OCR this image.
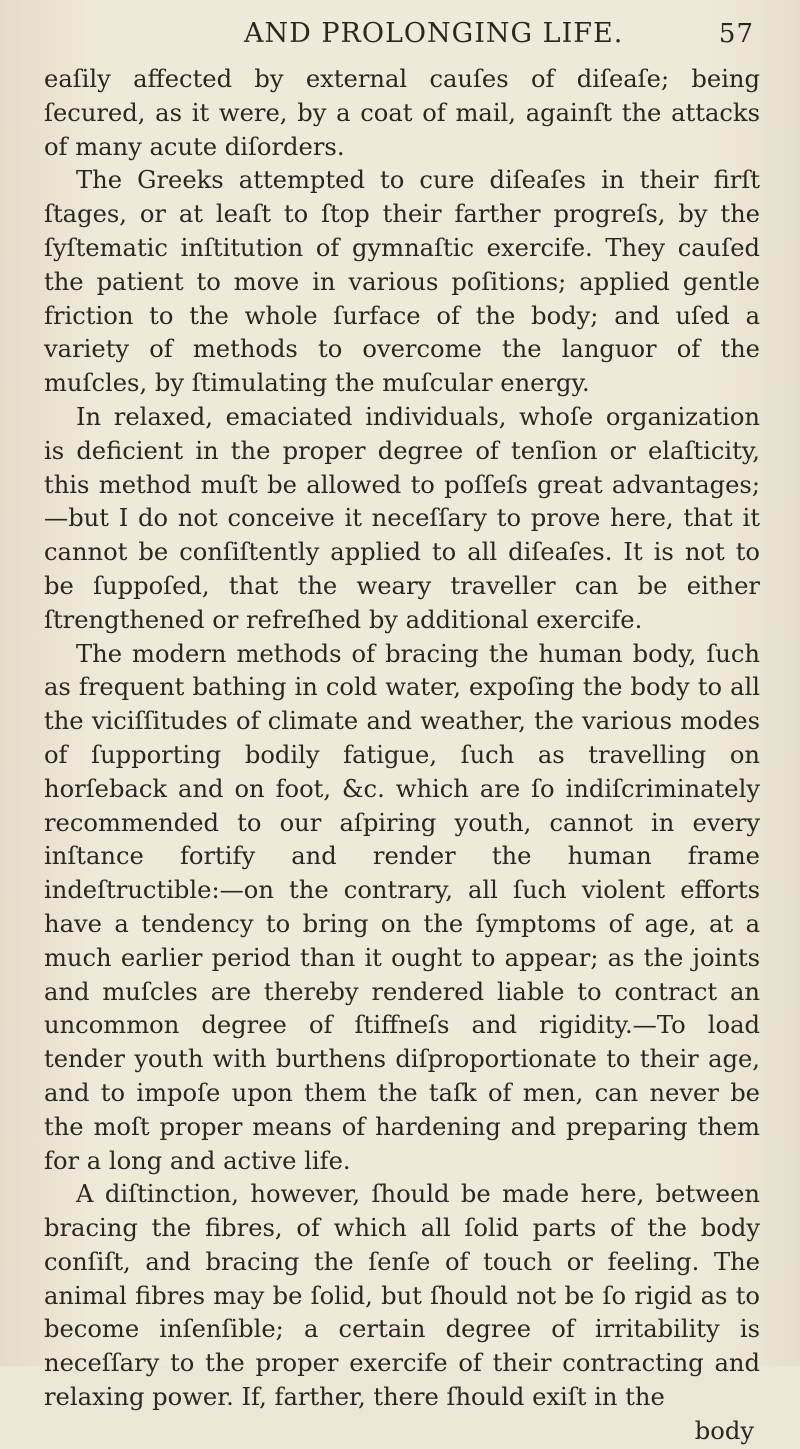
AND PROLONGING LIFE.	57

eaſily affected by external cauſes of diſeaſe; being ſecured, as it were, by a coat of mail, againſt the attacks of many acute diſorders.

The Greeks attempted to cure diſeaſes in their firſt ſtages, or at leaſt to ſtop their farther progreſs, by the ſyſtematic inſtitution of gymnaſtic exercife. They cauſed the patient to move in various poſitions; applied gentle friction to the whole ſurface of the body; and uſed a variety of methods to overcome the languor of the muſcles, by ſtimulating the muſcular energy.

In relaxed, emaciated individuals, whoſe organization is deficient in the proper degree of tenſion or elaſticity, this method muſt be allowed to poſſeſs great advantages;—but I do not conceive it neceſſary to prove here, that it cannot be conſiſtently applied to all diſeaſes. It is not to be ſuppoſed, that the weary traveller can be either ſtrengthened or refreſhed by additional exercife.

The modern methods of bracing the human body, ſuch as frequent bathing in cold water, expoſing the body to all the viciſſitudes of climate and weather, the various modes of ſupporting bodily fatigue, ſuch as travelling on horſeback and on foot, &c. which are ſo indiſcriminately recommended to our aſpiring youth, cannot in every inſtance fortify and render the human frame indeſtructible:—on the contrary, all ſuch violent efforts have a tendency to bring on the ſymptoms of age, at a much earlier period than it ought to appear; as the joints and muſcles are thereby rendered liable to contract an uncommon degree of ſtiffneſs and rigidity.—To load tender youth with burthens diſproportionate to their age, and to impoſe upon them the taſk of men, can never be the moſt proper means of hardening and preparing them for a long and active life.

A diſtinction, however, ſhould be made here, between bracing the fibres, of which all ſolid parts of the body conſiſt, and bracing the ſenſe of touch or feeling. The animal fibres may be ſolid, but ſhould not be ſo rigid as to become inſenſible; a certain degree of irritability is neceſſary to the proper exercife of their contracting and relaxing power. If, farther, there ſhould exiſt in the

body
